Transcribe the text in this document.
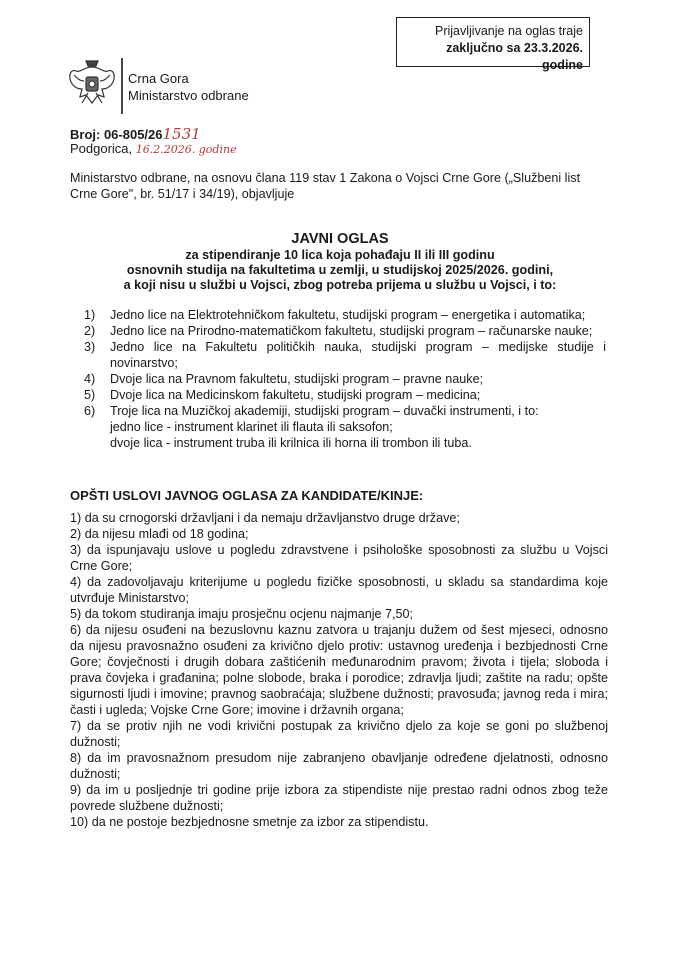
Prijavljivanje na oglas traje
zaključno sa 23.3.2026. godine
Crna Gora
Ministarstvo odbrane
Broj: 06-805/261531
Podgorica, 16.2.2026. godine
Ministarstvo odbrane, na osnovu člana 119 stav 1 Zakona o Vojsci Crne Gore („Službeni list Crne Gore", br. 51/17 i 34/19), objavljuje
JAVNI OGLAS
za stipendiranje 10 lica koja pohađaju II ili III godinu
osnovnih studija na fakultetima u zemlji, u studijskoj 2025/2026. godini,
a koji nisu u službi u Vojsci, zbog potreba prijema u službu u Vojsci, i to:
1) Jedno lice na Elektrotehničkom fakultetu, studijski program – energetika i automatika;
2) Jedno lice na Prirodno-matematičkom fakultetu, studijski program – računarske nauke;
3) Jedno lice na Fakultetu političkih nauka, studijski program – medijske studije i novinarstvo;
4) Dvoje lica na Pravnom fakultetu, studijski program – pravne nauke;
5) Dvoje lica na Medicinskom fakultetu, studijski program – medicina;
6) Troje lica na Muzičkoj akademiji, studijski program – duvački instrumenti, i to:
jedno lice - instrument klarinet ili flauta ili saksofon;
dvoje lica - instrument truba ili krilnica ili horna ili trombon ili tuba.
OPŠTI USLOVI JAVNOG OGLASA ZA KANDIDATE/KINJE:
1) da su crnogorski državljani i da nemaju državljanstvo druge države;
2) da nijesu mlađi od 18 godina;
3) da ispunjavaju uslove u pogledu zdravstvene i psihološke sposobnosti za službu u Vojsci Crne Gore;
4) da zadovoljavaju kriterijume u pogledu fizičke sposobnosti, u skladu sa standardima koje utvrđuje Ministarstvo;
5) da tokom studiranja imaju prosječnu ocjenu najmanje 7,50;
6) da nijesu osuđeni na bezuslovnu kaznu zatvora u trajanju dužem od šest mjeseci, odnosno da nijesu pravosnažno osuđeni za krivično djelo protiv: ustavnog uređenja i bezbjednosti Crne Gore; čovječnosti i drugih dobara zaštićenih međunarodnim pravom; života i tijela; sloboda i prava čovjeka i građanina; polne slobode, braka i porodice; zdravlja ljudi; zaštite na radu; opšte sigurnosti ljudi i imovine; pravnog saobraćaja; službene dužnosti; pravosuđa; javnog reda i mira; časti i ugleda; Vojske Crne Gore; imovine i državnih organa;
7) da se protiv njih ne vodi krivični postupak za krivično djelo za koje se goni po službenoj dužnosti;
8) da im pravosnažnom presudom nije zabranjeno obavljanje određene djelatnosti, odnosno dužnosti;
9) da im u posljednje tri godine prije izbora za stipendiste nije prestao radni odnos zbog teže povrede službene dužnosti;
10) da ne postoje bezbjednosne smetnje za izbor za stipendistu.
